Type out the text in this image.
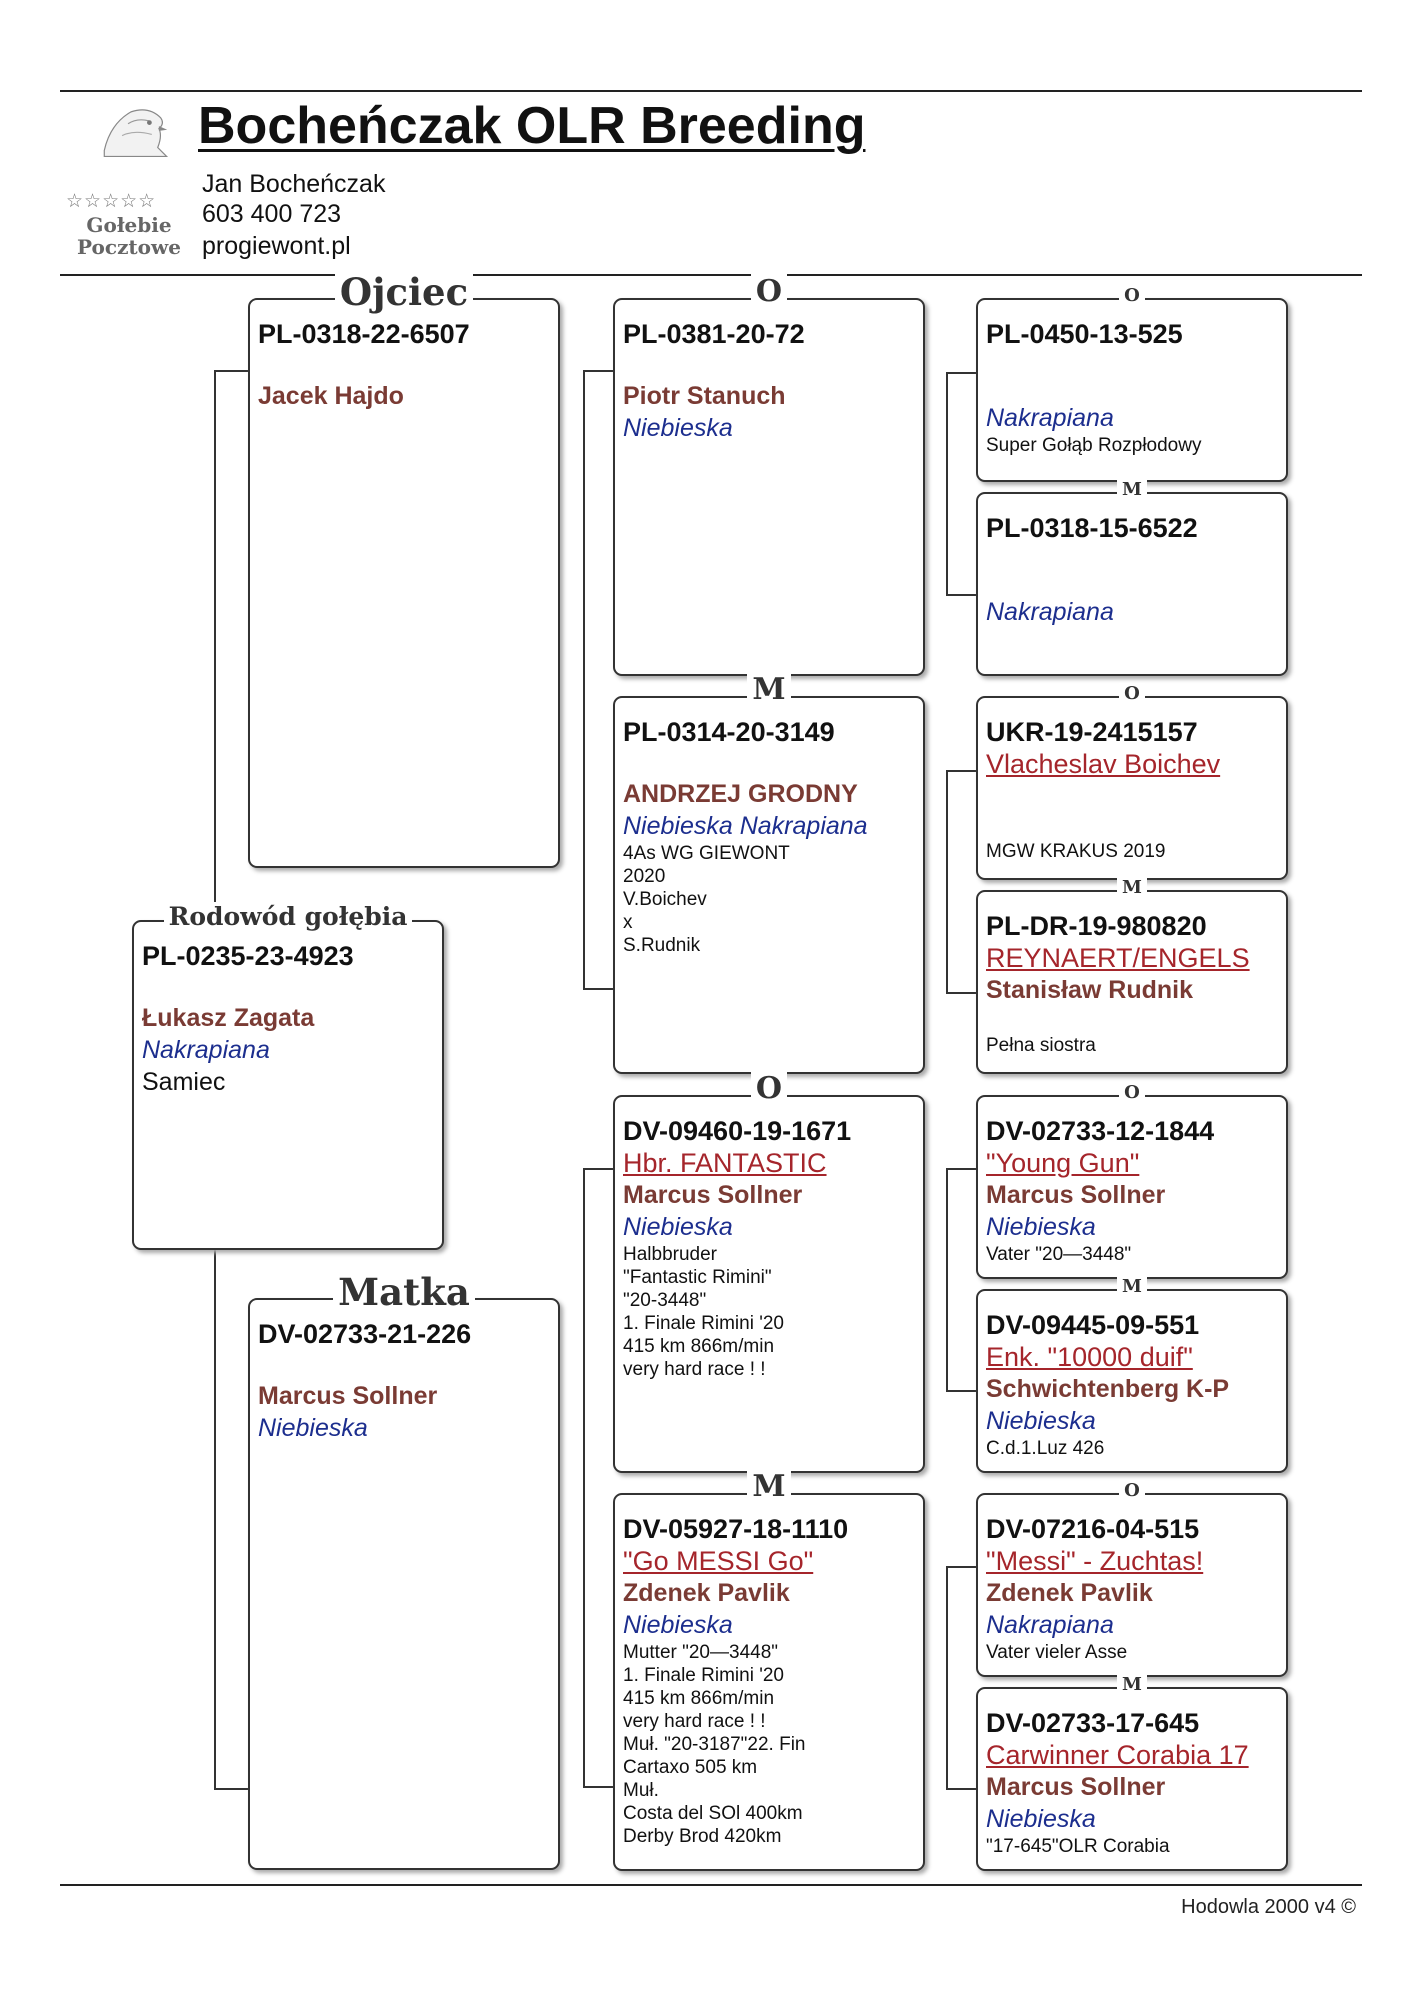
☆☆☆☆☆
Gołebie
Pocztowe
Bocheńczak OLR Breeding
Jan Bocheńczak
603 400 723
progiewont.pl
Rodowód gołębia
PL-0235-23-4923
Łukasz Zagata
Nakrapiana
Samiec
Ojciec
PL-0318-22-6507
Jacek Hajdo
Matka
DV-02733-21-226
Marcus Sollner
Niebieska
O
PL-0381-20-72
Piotr Stanuch
Niebieska
M
PL-0314-20-3149
ANDRZEJ GRODNY
Niebieska Nakrapiana
4As WG GIEWONT
2020
V.Boichev
x
S.Rudnik
O
DV-09460-19-1671
Hbr. FANTASTIC
Marcus Sollner
Niebieska
Halbbruder
"Fantastic Rimini"
"20-3448"
1. Finale Rimini '20
415 km 866m/min
very hard race ! !
M
DV-05927-18-1110
"Go MESSI Go"
Zdenek Pavlik
Niebieska
Mutter "20—3448"
1. Finale Rimini '20
415 km 866m/min
very hard race ! !
Muł. "20-3187"22. Fin
Cartaxo 505 km
Muł.
Costa del SOl 400km
Derby Brod 420km
O
PL-0450-13-525
Nakrapiana
Super Gołąb Rozpłodowy
M
PL-0318-15-6522
Nakrapiana
O
UKR-19-2415157
Vlacheslav Boichev
MGW KRAKUS 2019
M
PL-DR-19-980820
REYNAERT/ENGELS
Stanisław Rudnik
Pełna siostra
O
DV-02733-12-1844
"Young Gun"
Marcus Sollner
Niebieska
Vater "20—3448"
M
DV-09445-09-551
Enk. "10000 duif"
Schwichtenberg K-P
Niebieska
C.d.1.Luz 426
O
DV-07216-04-515
"Messi" - Zuchtas!
Zdenek Pavlik
Nakrapiana
Vater vieler Asse
M
DV-02733-17-645
Carwinner Corabia 17
Marcus Sollner
Niebieska
"17-645"OLR Corabia
Hodowla 2000 v4 ©
